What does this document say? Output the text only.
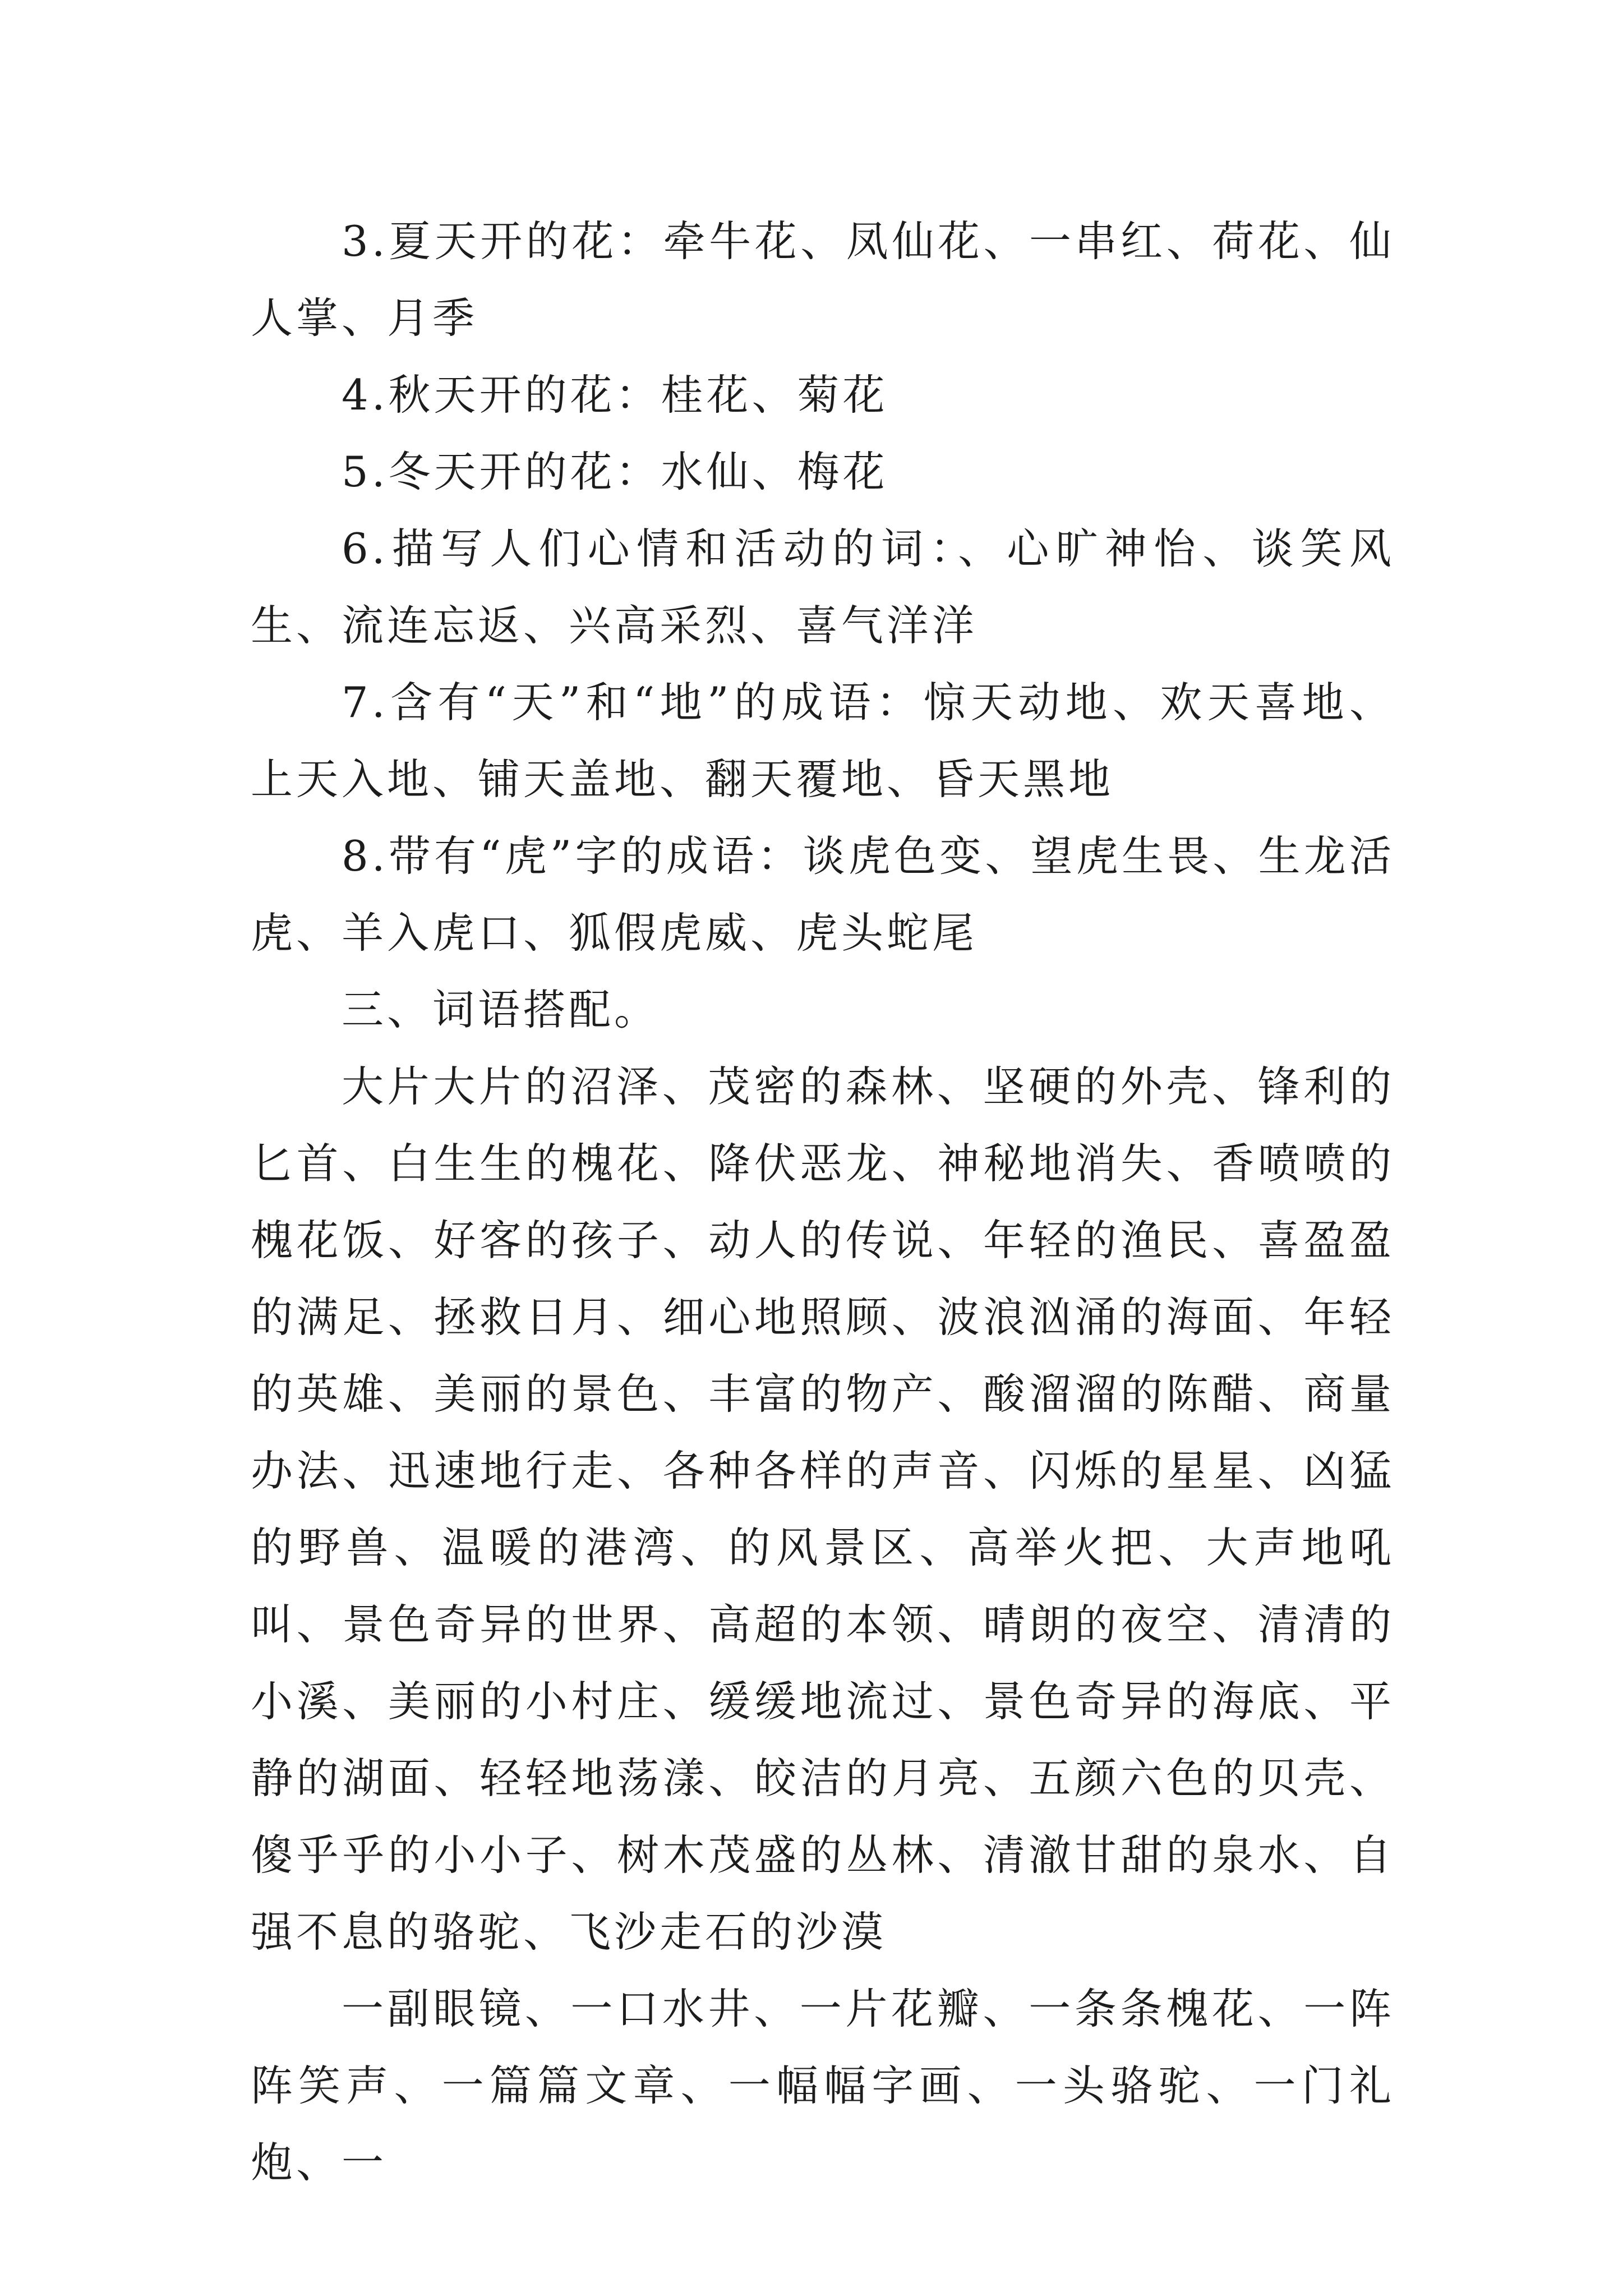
3.夏天开的花：牵牛花、凤仙花、一串红、荷花、仙人掌、月季

4.秋天开的花：桂花、菊花

5.冬天开的花：水仙、梅花

6.描写人们心情和活动的词：、心旷神怡、谈笑风生、流连忘返、兴高采烈、喜气洋洋

7.含有“天”和“地”的成语：惊天动地、欢天喜地、上天入地、铺天盖地、翻天覆地、昏天黑地

8.带有“虎”字的成语：谈虎色变、望虎生畏、生龙活虎、羊入虎口、狐假虎威、虎头蛇尾

三、词语搭配。

大片大片的沼泽、茂密的森林、坚硬的外壳、锋利的匕首、白生生的槐花、降伏恶龙、神秘地消失、香喷喷的槐花饭、好客的孩子、动人的传说、年轻的渔民、喜盈盈的满足、拯救日月、细心地照顾、波浪汹涌的海面、年轻的英雄、美丽的景色、丰富的物产、酸溜溜的陈醋、商量办法、迅速地行走、各种各样的声音、闪烁的星星、凶猛的野兽、温暖的港湾、的风景区、高举火把、大声地吼叫、景色奇异的世界、高超的本领、晴朗的夜空、清清的小溪、美丽的小村庄、缓缓地流过、景色奇异的海底、平静的湖面、轻轻地荡漾、皎洁的月亮、五颜六色的贝壳、傻乎乎的小小子、树木茂盛的丛林、清澈甘甜的泉水、自强不息的骆驼、飞沙走石的沙漠

一副眼镜、一口水井、一片花瓣、一条条槐花、一阵阵笑声、一篇篇文章、一幅幅字画、一头骆驼、一门礼炮、一
